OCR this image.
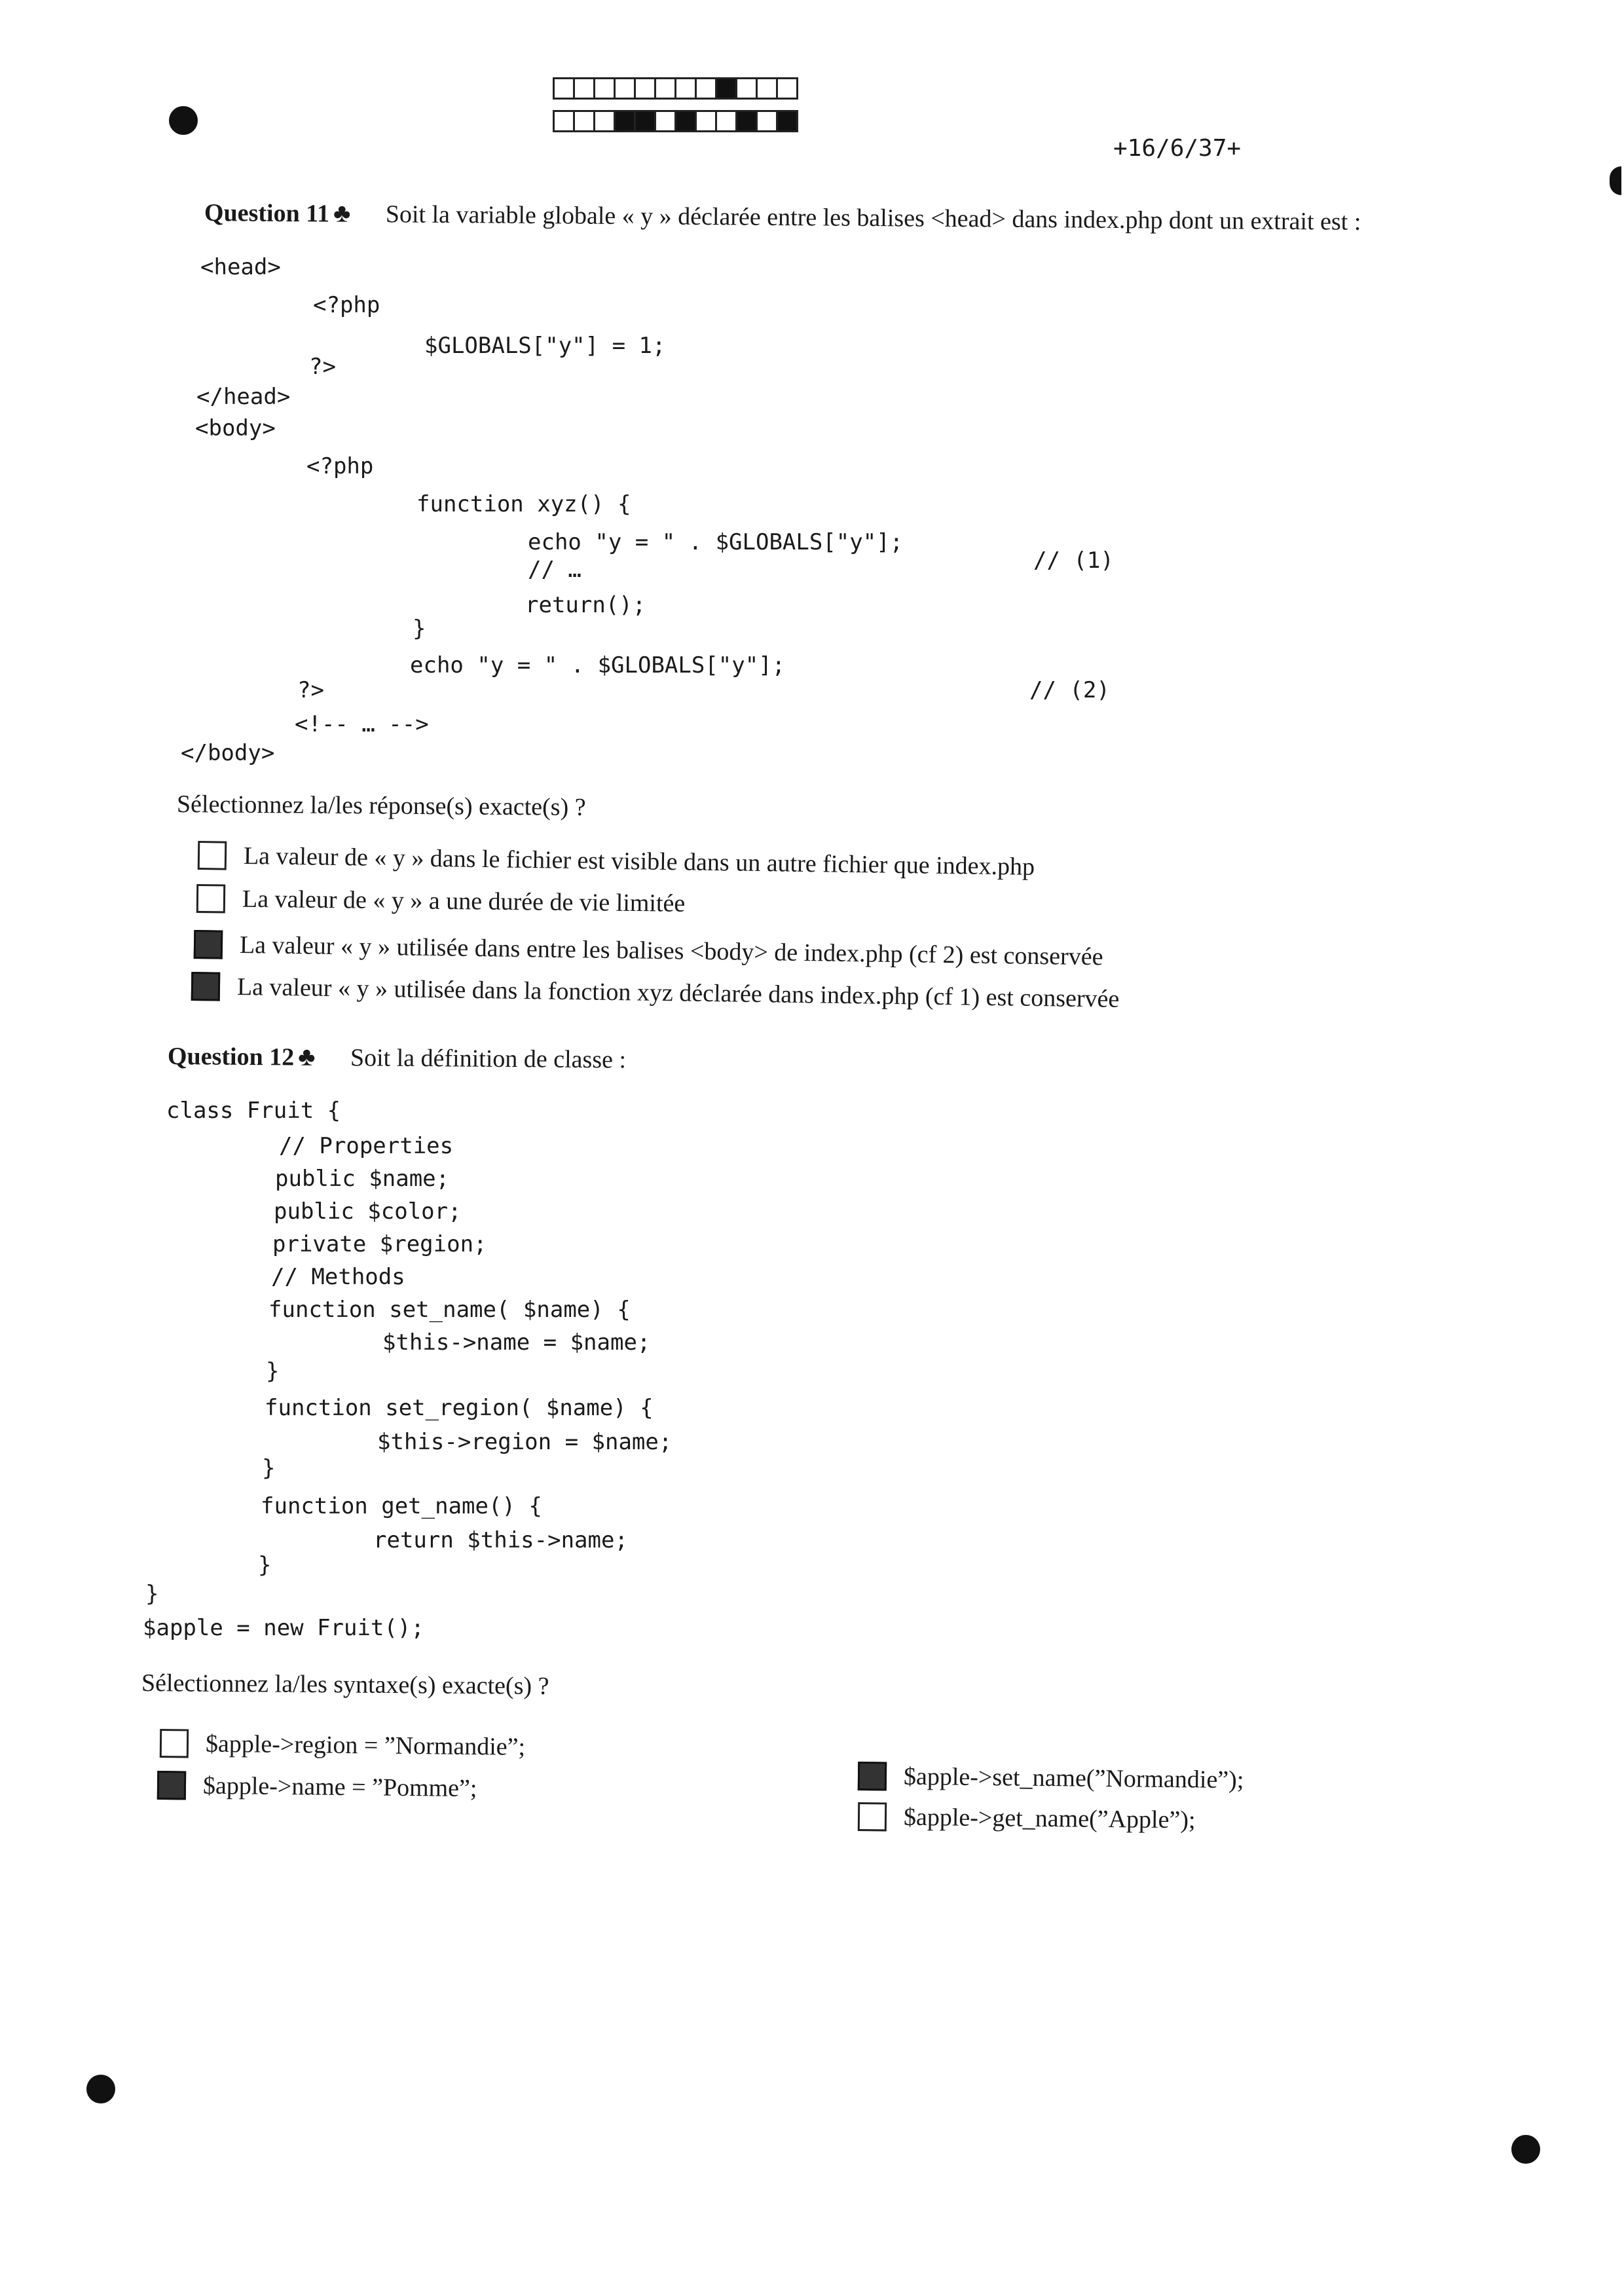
+16/6/37+
Question 11 ♣ Soit la variable globale « y » déclarée entre les balises <head> dans index.php dont un extrait est :
<head>
<?php
$GLOBALS["y"] = 1;
?>
</head>
<body>
<?php
function xyz() {
echo "y = " . $GLOBALS["y"];
// (1)
// …
return();
}
echo "y = " . $GLOBALS["y"];
// (2)
?>
<!-- … -->
</body>
Sélectionnez la/les réponse(s) exacte(s) ?
La valeur de « y » dans le fichier est visible dans un autre fichier que index.php
La valeur de « y » a une durée de vie limitée
La valeur « y » utilisée dans entre les balises <body> de index.php (cf 2) est conservée
La valeur « y » utilisée dans la fonction xyz déclarée dans index.php (cf 1) est conservée
Question 12 ♣ Soit la définition de classe :
class Fruit {
// Properties
public $name;
public $color;
private $region;
// Methods
function set_name( $name) {
$this->name = $name;
}
function set_region( $name) {
$this->region = $name;
}
function get_name() {
return $this->name;
}
}
$apple = new Fruit();
Sélectionnez la/les syntaxe(s) exacte(s) ?
$apple->region = ”Normandie”;
$apple->name = ”Pomme”;	$apple->set_name(”Normandie”);
$apple->get_name(”Apple”);
